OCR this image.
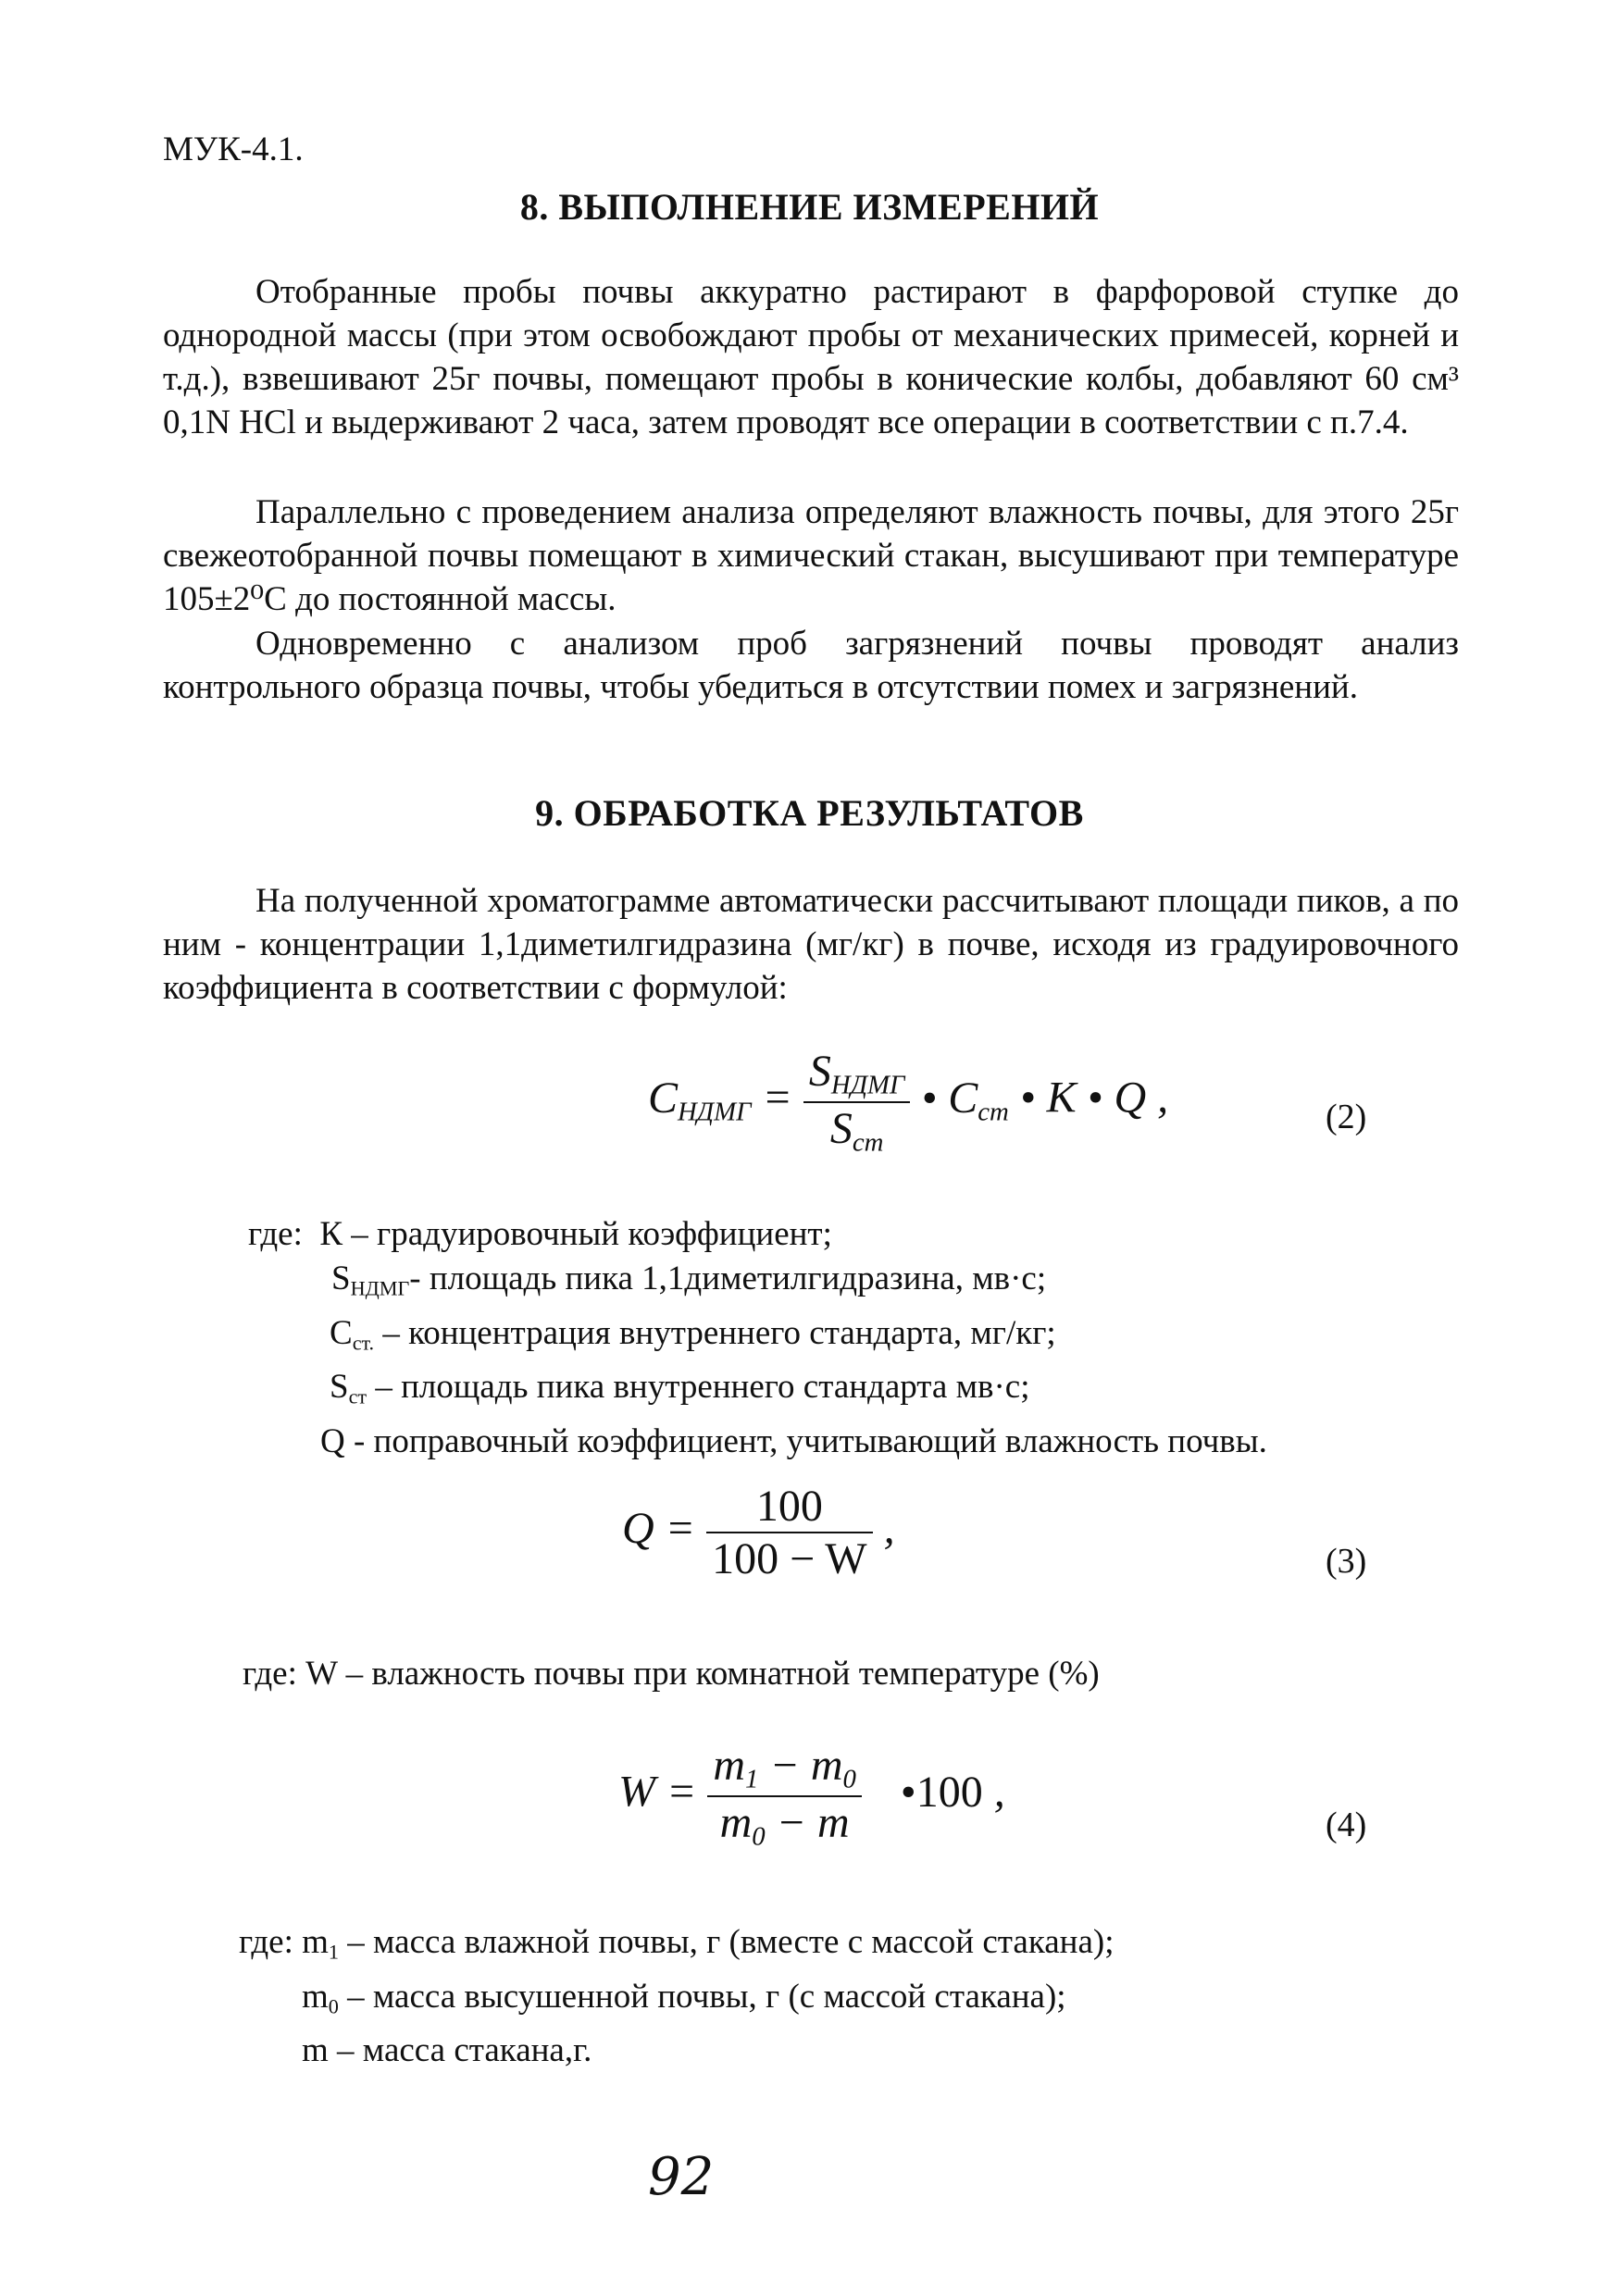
МУК-4.1.
8. ВЫПОЛНЕНИЕ ИЗМЕРЕНИЙ
Отобранные пробы почвы аккуратно растирают в фарфоровой ступке до однородной массы (при этом освобождают пробы от механических примесей, корней и т.д.), взвешивают 25г почвы, помещают пробы в конические колбы, добавляют 60 см³ 0,1N HCl и выдерживают 2 часа, затем проводят все операции в соответствии с п.7.4.
Параллельно с проведением анализа определяют влажность почвы, для этого 25г свежеотобранной почвы помещают в химический стакан, высушивают при температуре 105±2⁰С до постоянной массы.
Одновременно с анализом проб загрязнений почвы проводят анализ контрольного образца почвы, чтобы убедиться в отсутствии помех и загрязнений.
9. ОБРАБОТКА РЕЗУЛЬТАТОВ
На полученной хроматограмме автоматически рассчитывают площади пиков, а по ним - концентрации 1,1диметилгидразина (мг/кг) в почве, исходя из градуировочного коэффициента в соответствии с формулой:
$C_{НДМГ} = \frac{S_{НДМГ}}{S_{ст}}$ • $C_{ст}$ • K • Q ,	(2)
где: К – градуировочный коэффициент;
$S_{НДМГ}-$ площадь пика 1,1диметилгидразина, мв·с;
$С_{ст.}$ – концентрация внутреннего стандарта, мг/кг;
$S_{ст}$ – площадь пика внутреннего стандарта мв·с;
Q - поправочный коэффициент, учитывающий влажность почвы.
$Q = \frac{100}{100 - W}$ ,
(3)
где: W – влажность почвы при комнатной температуре (%)
$W = \frac{m_1 - m_0}{m_0 - m}$ •100 ,
(4)
где: $m_1$ – масса влажной почвы, г (вместе с массой стакана);
$m_0$ – масса высушенной почвы, г (с массой стакана);
m – масса стакана,г.
92
